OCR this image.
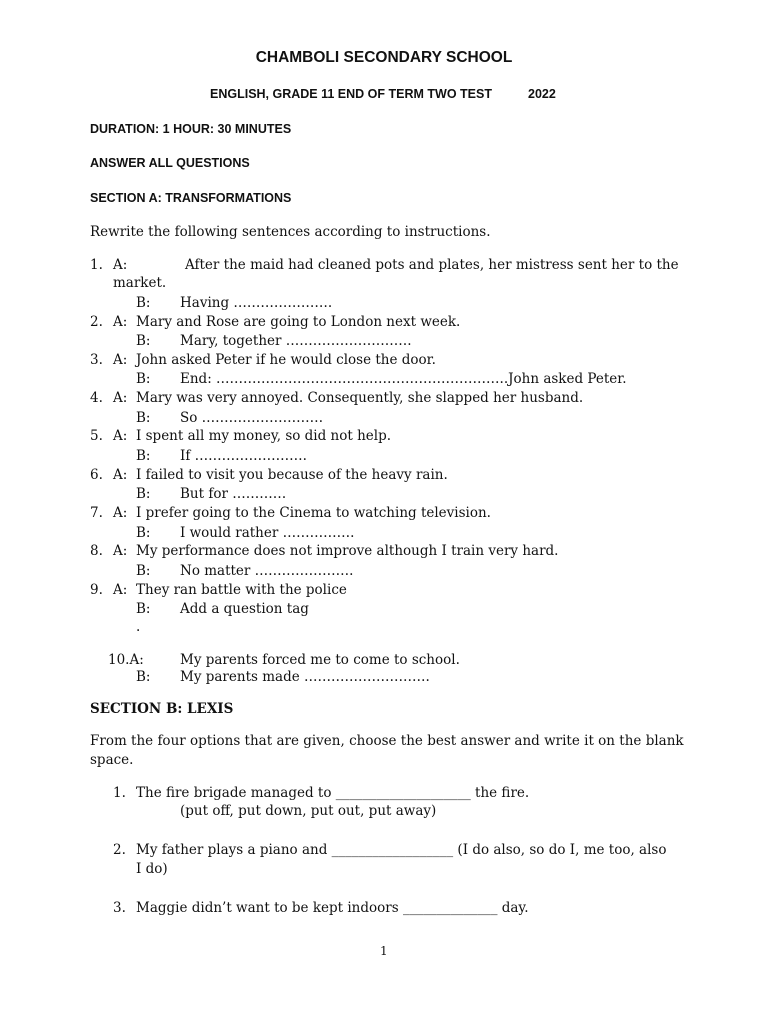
CHAMBOLI SECONDARY SCHOOL
ENGLISH, GRADE 11 END OF TERM TWO TEST	2022
DURATION: 1 HOUR: 30 MINUTES
ANSWER ALL QUESTIONS
SECTION A: TRANSFORMATIONS
Rewrite the following sentences according to instructions.
1. A:	After the maid had cleaned pots and plates, her mistress sent her to the
market.
B: Having ………………….
2. A: Mary and Rose are going to London next week.
B: Mary, together ……………………….
3. A: John asked Peter if he would close the door.
B: End: ………………………………………………………..John asked Peter.
4. A: Mary was very annoyed. Consequently, she slapped her husband.
B: So ………………………
5. A: I spent all my money, so did not help.
B: If …………………….
6. A: I failed to visit you because of the heavy rain.
B: But for …………
7. A: I prefer going to the Cinema to watching television.
B: I would rather …………….
8. A: My performance does not improve although I train very hard.
B: No matter ………………….
9. A: They ran battle with the police
B: Add a question tag
.
10.A:	My parents forced me to come to school.
B: My parents made ……………………….
SECTION B: LEXIS
From the four options that are given, choose the best answer and write it on the blank
space.
1. The fire brigade managed to ____________________ the fire.
(put off, put down, put out, put away)
2. My father plays a piano and __________________ (I do also, so do I, me too, also
I do)
3. Maggie didn’t want to be kept indoors ______________ day.
1
